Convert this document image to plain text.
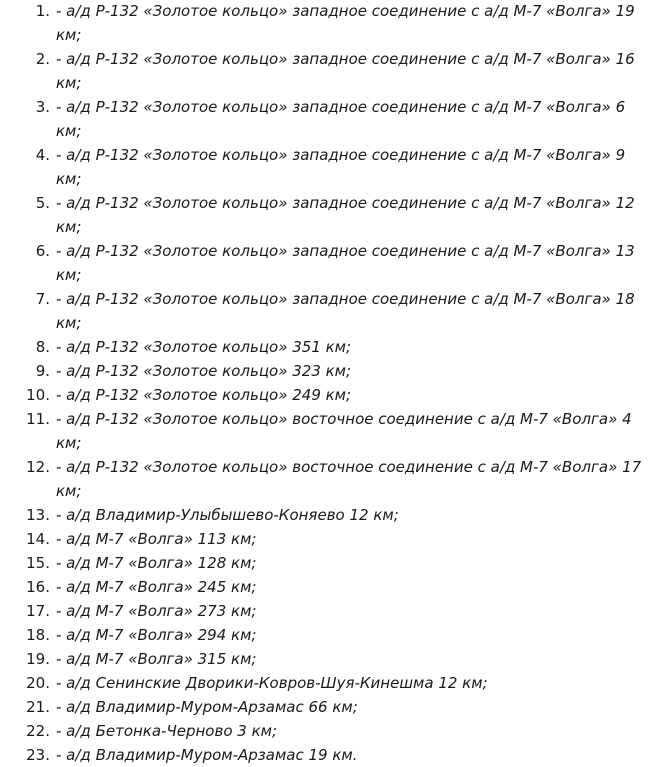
1. - а/д Р-132 «Золотое кольцо» западное соединение с а/д М-7 «Волга» 19 км;
2. - а/д Р-132 «Золотое кольцо» западное соединение с а/д М-7 «Волга» 16 км;
3. - а/д Р-132 «Золотое кольцо» западное соединение с а/д М-7 «Волга» 6 км;
4. - а/д Р-132 «Золотое кольцо» западное соединение с а/д М-7 «Волга» 9 км;
5. - а/д Р-132 «Золотое кольцо» западное соединение с а/д М-7 «Волга» 12 км;
6. - а/д Р-132 «Золотое кольцо» западное соединение с а/д М-7 «Волга» 13 км;
7. - а/д Р-132 «Золотое кольцо» западное соединение с а/д М-7 «Волга» 18 км;
8. - а/д Р-132 «Золотое кольцо» 351 км;
9. - а/д Р-132 «Золотое кольцо» 323 км;
10. - а/д Р-132 «Золотое кольцо» 249 км;
11. - а/д Р-132 «Золотое кольцо» восточное соединение с а/д М-7 «Волга» 4 км;
12. - а/д Р-132 «Золотое кольцо» восточное соединение с а/д М-7 «Волга» 17 км;
13. - а/д Владимир-Улыбышево-Коняево 12 км;
14. - а/д М-7 «Волга» 113 км;
15. - а/д М-7 «Волга» 128 км;
16. - а/д М-7 «Волга» 245 км;
17. - а/д М-7 «Волга» 273 км;
18. - а/д М-7 «Волга» 294 км;
19. - а/д М-7 «Волга» 315 км;
20. - а/д Сенинские Дворики-Ковров-Шуя-Кинешма 12 км;
21. - а/д Владимир-Муром-Арзамас 66 км;
22. - а/д Бетонка-Черново 3 км;
23. - а/д Владимир-Муром-Арзамас 19 км.
